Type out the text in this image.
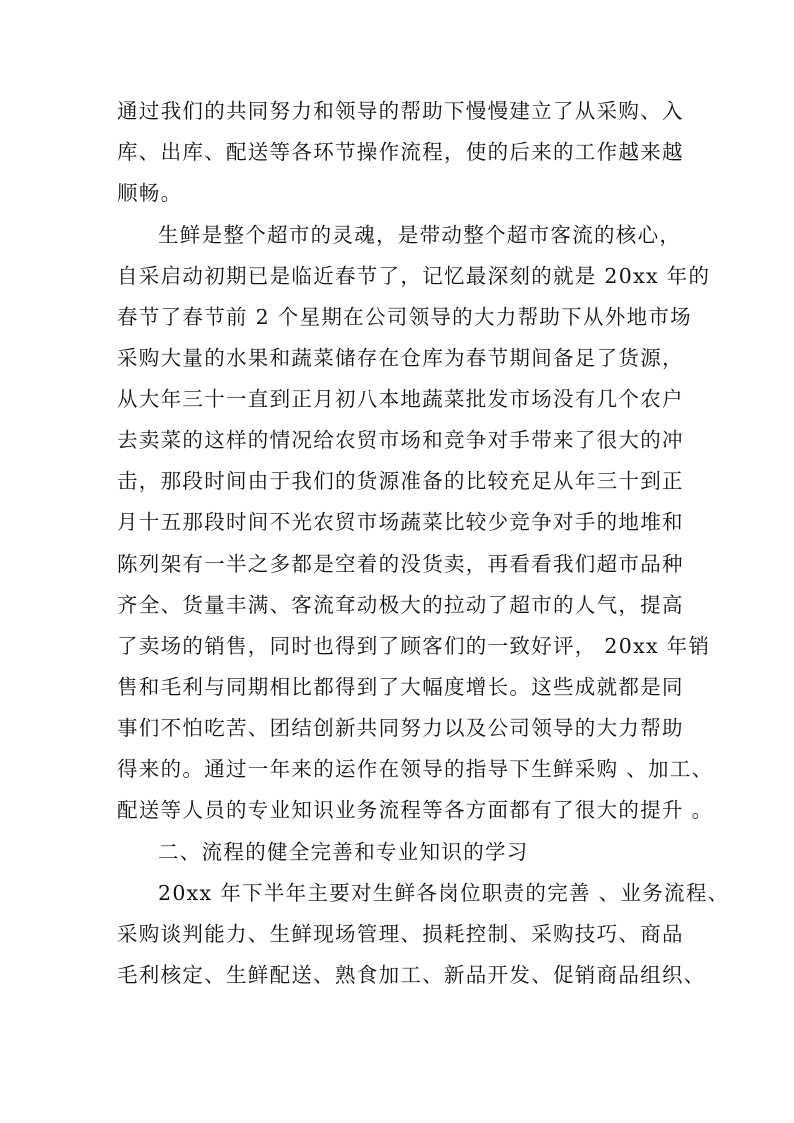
通过我们的共同努力和领导的帮助下慢慢建立了从采购、入
库、出库、配送等各环节操作流程，使的后来的工作越来越
顺畅。
生鲜是整个超市的灵魂，是带动整个超市客流的核心，
自采启动初期已是临近春节了，记忆最深刻的就是 20xx 年的
春节了春节前 2 个星期在公司领导的大力帮助下从外地市场
采购大量的水果和蔬菜储存在仓库为春节期间备足了货源，
从大年三十一直到正月初八本地蔬菜批发市场没有几个农户
去卖菜的这样的情况给农贸市场和竞争对手带来了很大的冲
击，那段时间由于我们的货源准备的比较充足从年三十到正
月十五那段时间不光农贸市场蔬菜比较少竞争对手的地堆和
陈列架有一半之多都是空着的没货卖，再看看我们超市品种
齐全、货量丰满、客流耷动极大的拉动了超市的人气，提高
了卖场的销售，同时也得到了顾客们的一致好评， 20xx 年销
售和毛利与同期相比都得到了大幅度增长。这些成就都是同
事们不怕吃苦、团结创新共同努力以及公司领导的大力帮助
得来的。通过一年来的运作在领导的指导下生鲜采购 、加工、
配送等人员的专业知识业务流程等各方面都有了很大的提升 。
二、流程的健全完善和专业知识的学习
20xx 年下半年主要对生鲜各岗位职责的完善 、业务流程、
采购谈判能力、生鲜现场管理、损耗控制、采购技巧、商品
毛利核定、生鲜配送、熟食加工、新品开发、促销商品组织、
